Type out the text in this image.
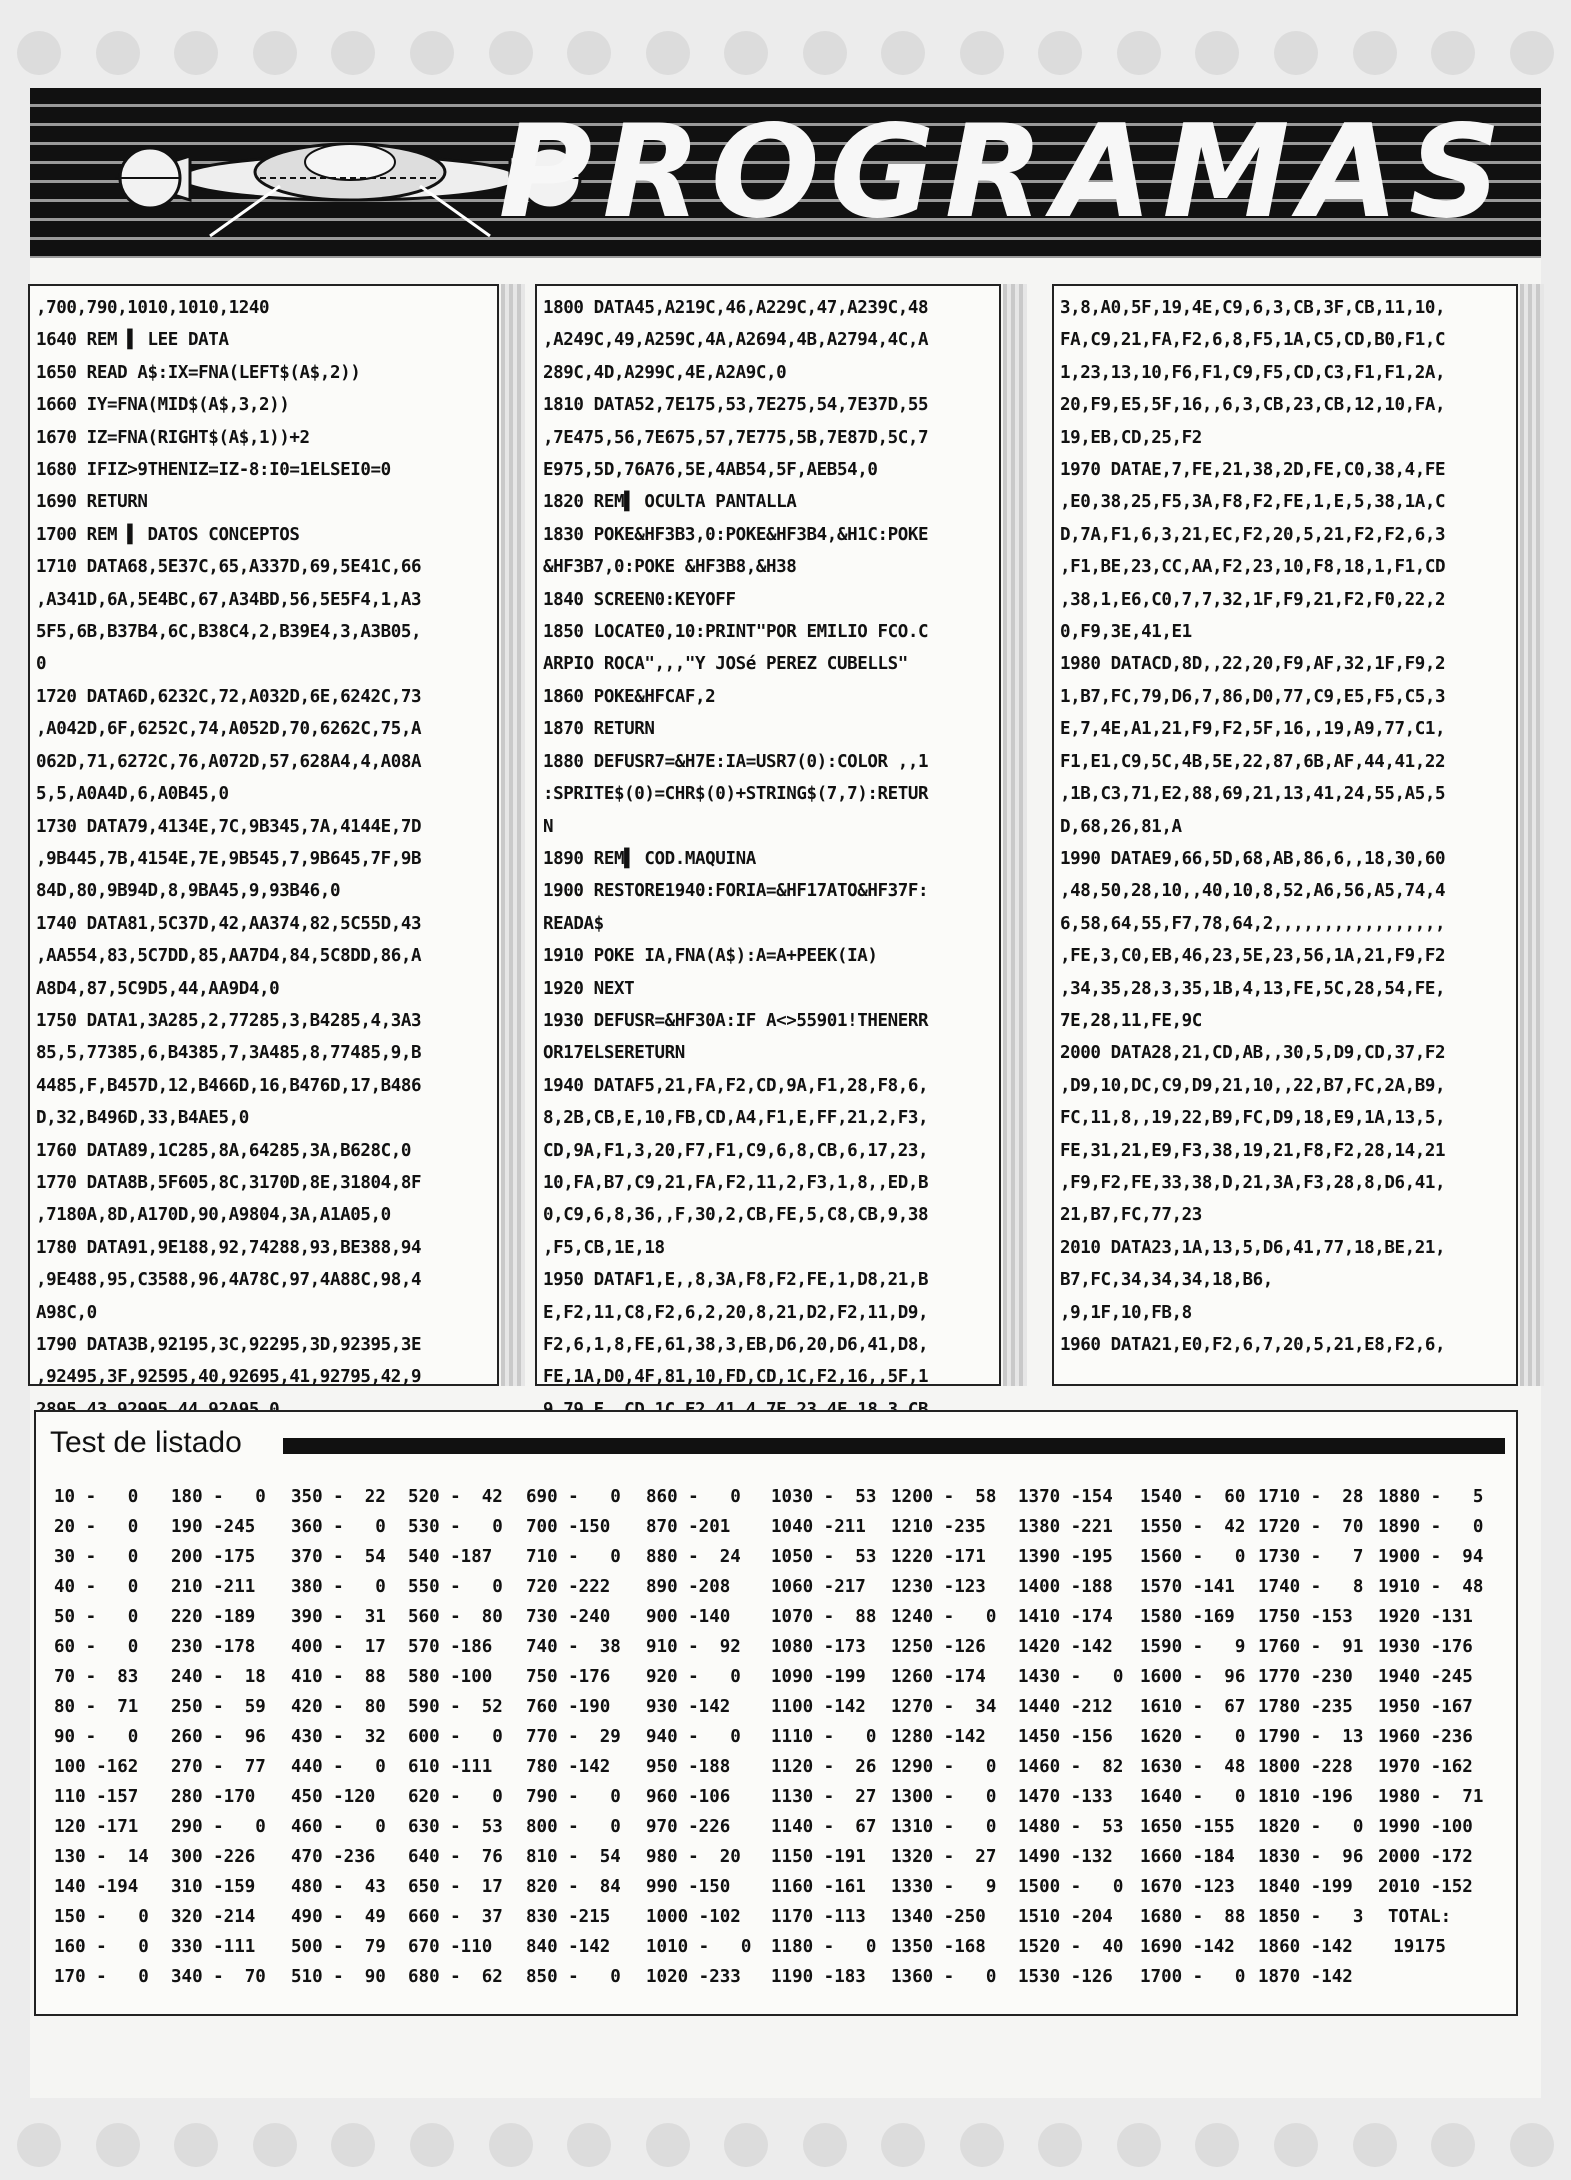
PROGRAMAS
,700,790,1010,1010,1240
1640 REM ▌ LEE DATA
1650 READ A$:IX=FNA(LEFT$(A$,2))
1660 IY=FNA(MID$(A$,3,2))
1670 IZ=FNA(RIGHT$(A$,1))+2
1680 IFIZ>9THENIZ=IZ-8:I0=1ELSEI0=0
1690 RETURN
1700 REM ▌ DATOS CONCEPTOS
1710 DATA68,5E37C,65,A337D,69,5E41C,66
,A341D,6A,5E4BC,67,A34BD,56,5E5F4,1,A3
5F5,6B,B37B4,6C,B38C4,2,B39E4,3,A3B05,
0
1720 DATA6D,6232C,72,A032D,6E,6242C,73
,A042D,6F,6252C,74,A052D,70,6262C,75,A
062D,71,6272C,76,A072D,57,628A4,4,A08A
5,5,A0A4D,6,A0B45,0
1730 DATA79,4134E,7C,9B345,7A,4144E,7D
,9B445,7B,4154E,7E,9B545,7,9B645,7F,9B
84D,80,9B94D,8,9BA45,9,93B46,0
1740 DATA81,5C37D,42,AA374,82,5C55D,43
,AA554,83,5C7DD,85,AA7D4,84,5C8DD,86,A
A8D4,87,5C9D5,44,AA9D4,0
1750 DATA1,3A285,2,77285,3,B4285,4,3A3
85,5,77385,6,B4385,7,3A485,8,77485,9,B
4485,F,B457D,12,B466D,16,B476D,17,B486
D,32,B496D,33,B4AE5,0
1760 DATA89,1C285,8A,64285,3A,B628C,0
1770 DATA8B,5F605,8C,3170D,8E,31804,8F
,7180A,8D,A170D,90,A9804,3A,A1A05,0
1780 DATA91,9E188,92,74288,93,BE388,94
,9E488,95,C3588,96,4A78C,97,4A88C,98,4
A98C,0
1790 DATA3B,92195,3C,92295,3D,92395,3E
,92495,3F,92595,40,92695,41,92795,42,9
1800 DATA45,A219C,46,A229C,47,A239C,48
,A249C,49,A259C,4A,A2694,4B,A2794,4C,A
289C,4D,A299C,4E,A2A9C,0
1810 DATA52,7E175,53,7E275,54,7E37D,55
,7E475,56,7E675,57,7E775,5B,7E87D,5C,7
E975,5D,76A76,5E,4AB54,5F,AEB54,0
1820 REM▌ OCULTA PANTALLA
1830 POKE&HF3B3,0:POKE&HF3B4,&H1C:POKE
&HF3B7,0:POKE &HF3B8,&H38
1840 SCREEN0:KEYOFF
1850 LOCATE0,10:PRINT"POR EMILIO FCO.C
ARPIO ROCA",,,"Y JOSé PEREZ CUBELLS"
1860 POKE&HFCAF,2
1870 RETURN
1880 DEFUSR7=&H7E:IA=USR7(0):COLOR ,,1
:SPRITE$(0)=CHR$(0)+STRING$(7,7):RETUR
N
1890 REM▌ COD.MAQUINA
1900 RESTORE1940:FORIA=&HF17ATO&HF37F:
READA$
1910 POKE IA,FNA(A$):A=A+PEEK(IA)
1920 NEXT
1930 DEFUSR=&HF30A:IF A<>55901!THENERR
OR17ELSERETURN
1940 DATAF5,21,FA,F2,CD,9A,F1,28,F8,6,
8,2B,CB,E,10,FB,CD,A4,F1,E,FF,21,2,F3,
CD,9A,F1,3,20,F7,F1,C9,6,8,CB,6,17,23,
10,FA,B7,C9,21,FA,F2,11,2,F3,1,8,,ED,B
0,C9,6,8,36,,F,30,2,CB,FE,5,C8,CB,9,38
,F5,CB,1E,18
1950 DATAF1,E,,8,3A,F8,F2,FE,1,D8,21,B
E,F2,11,C8,F2,6,2,20,8,21,D2,F2,11,D9,
F2,6,1,8,FE,61,38,3,EB,D6,20,D6,41,D8,
FE,1A,D0,4F,81,10,FD,CD,1C,F2,16,,5F,1
3,8,A0,5F,19,4E,C9,6,3,CB,3F,CB,11,10,
FA,C9,21,FA,F2,6,8,F5,1A,C5,CD,B0,F1,C
1,23,13,10,F6,F1,C9,F5,CD,C3,F1,F1,2A,
20,F9,E5,5F,16,,6,3,CB,23,CB,12,10,FA,
19,EB,CD,25,F2
1970 DATAE,7,FE,21,38,2D,FE,C0,38,4,FE
,E0,38,25,F5,3A,F8,F2,FE,1,E,5,38,1A,C
D,7A,F1,6,3,21,EC,F2,20,5,21,F2,F2,6,3
,F1,BE,23,CC,AA,F2,23,10,F8,18,1,F1,CD
,38,1,E6,C0,7,7,32,1F,F9,21,F2,F0,22,2
0,F9,3E,41,E1
1980 DATACD,8D,,22,20,F9,AF,32,1F,F9,2
1,B7,FC,79,D6,7,86,D0,77,C9,E5,F5,C5,3
E,7,4E,A1,21,F9,F2,5F,16,,19,A9,77,C1,
F1,E1,C9,5C,4B,5E,22,87,6B,AF,44,41,22
,1B,C3,71,E2,88,69,21,13,41,24,55,A5,5
D,68,26,81,A
1990 DATAE9,66,5D,68,AB,86,6,,18,30,60
,48,50,28,10,,40,10,8,52,A6,56,A5,74,4
6,58,64,55,F7,78,64,2,,,,,,,,,,,,,,,,,
,FE,3,C0,EB,46,23,5E,23,56,1A,21,F9,F2
,34,35,28,3,35,1B,4,13,FE,5C,28,54,FE,
7E,28,11,FE,9C
2000 DATA28,21,CD,AB,,30,5,D9,CD,37,F2
,D9,10,DC,C9,D9,21,10,,22,B7,FC,2A,B9,
FC,11,8,,19,22,B9,FC,D9,18,E9,1A,13,5,
FE,31,21,E9,F3,38,19,21,F8,F2,28,14,21
,F9,F2,FE,33,38,D,21,3A,F3,28,8,D6,41,
21,B7,FC,77,23
2010 DATA23,1A,13,5,D6,41,77,18,BE,21,
B7,FC,34,34,34,18,B6,
,9,1F,10,FB,8
1960 DATA21,E0,F2,6,7,20,5,21,E8,F2,6,
Test de listado
10 -   0
20 -   0
30 -   0
40 -   0
50 -   0
60 -   0
70 -  83
80 -  71
90 -   0
100 -162
110 -157
120 -171
130 -  14
140 -194
150 -   0
160 -   0
170 -   0
180 -   0
190 -245
200 -175
210 -211
220 -189
230 -178
240 -  18
250 -  59
260 -  96
270 -  77
280 -170
290 -   0
300 -226
310 -159
320 -214
330 -111
340 -  70
350 -  22
360 -   0
370 -  54
380 -   0
390 -  31
400 -  17
410 -  88
420 -  80
430 -  32
440 -   0
450 -120
460 -   0
470 -236
480 -  43
490 -  49
500 -  79
510 -  90
520 -  42
530 -   0
540 -187
550 -   0
560 -  80
570 -186
580 -100
590 -  52
600 -   0
610 -111
620 -   0
630 -  53
640 -  76
650 -  17
660 -  37
670 -110
680 -  62
690 -   0
700 -150
710 -   0
720 -222
730 -240
740 -  38
750 -176
760 -190
770 -  29
780 -142
790 -   0
800 -   0
810 -  54
820 -  84
830 -215
840 -142
850 -   0
860 -   0
870 -201
880 -  24
890 -208
900 -140
910 -  92
920 -   0
930 -142
940 -   0
950 -188
960 -106
970 -226
980 -  20
990 -150
1000 -102
1010 -   0
1020 -233
1030 -  53
1040 -211
1050 -  53
1060 -217
1070 -  88
1080 -173
1090 -199
1100 -142
1110 -   0
1120 -  26
1130 -  27
1140 -  67
1150 -191
1160 -161
1170 -113
1180 -   0
1190 -183
1200 -  58
1210 -235
1220 -171
1230 -123
1240 -   0
1250 -126
1260 -174
1270 -  34
1280 -142
1290 -   0
1300 -   0
1310 -   0
1320 -  27
1330 -   9
1340 -250
1350 -168
1360 -   0
1370 -154
1380 -221
1390 -195
1400 -188
1410 -174
1420 -142
1430 -   0
1440 -212
1450 -156
1460 -  82
1470 -133
1480 -  53
1490 -132
1500 -   0
1510 -204
1520 -  40
1530 -126
1540 -  60
1550 -  42
1560 -   0
1570 -141
1580 -169
1590 -   9
1600 -  96
1610 -  67
1620 -   0
1630 -  48
1640 -   0
1650 -155
1660 -184
1670 -123
1680 -  88
1690 -142
1700 -   0
1710 -  28
1720 -  70
1730 -   7
1740 -   8
1750 -153
1760 -  91
1770 -230
1780 -235
1790 -  13
1800 -228
1810 -196
1820 -   0
1830 -  96
1840 -199
1850 -   3
1860 -142
1870 -142
1880 -   5
1890 -   0
1900 -  94
1910 -  48
1920 -131
1930 -176
1940 -245
1950 -167
1960 -236
1970 -162
1980 -  71
1990 -100
2000 -172
2010 -152
TOTAL:
19175
